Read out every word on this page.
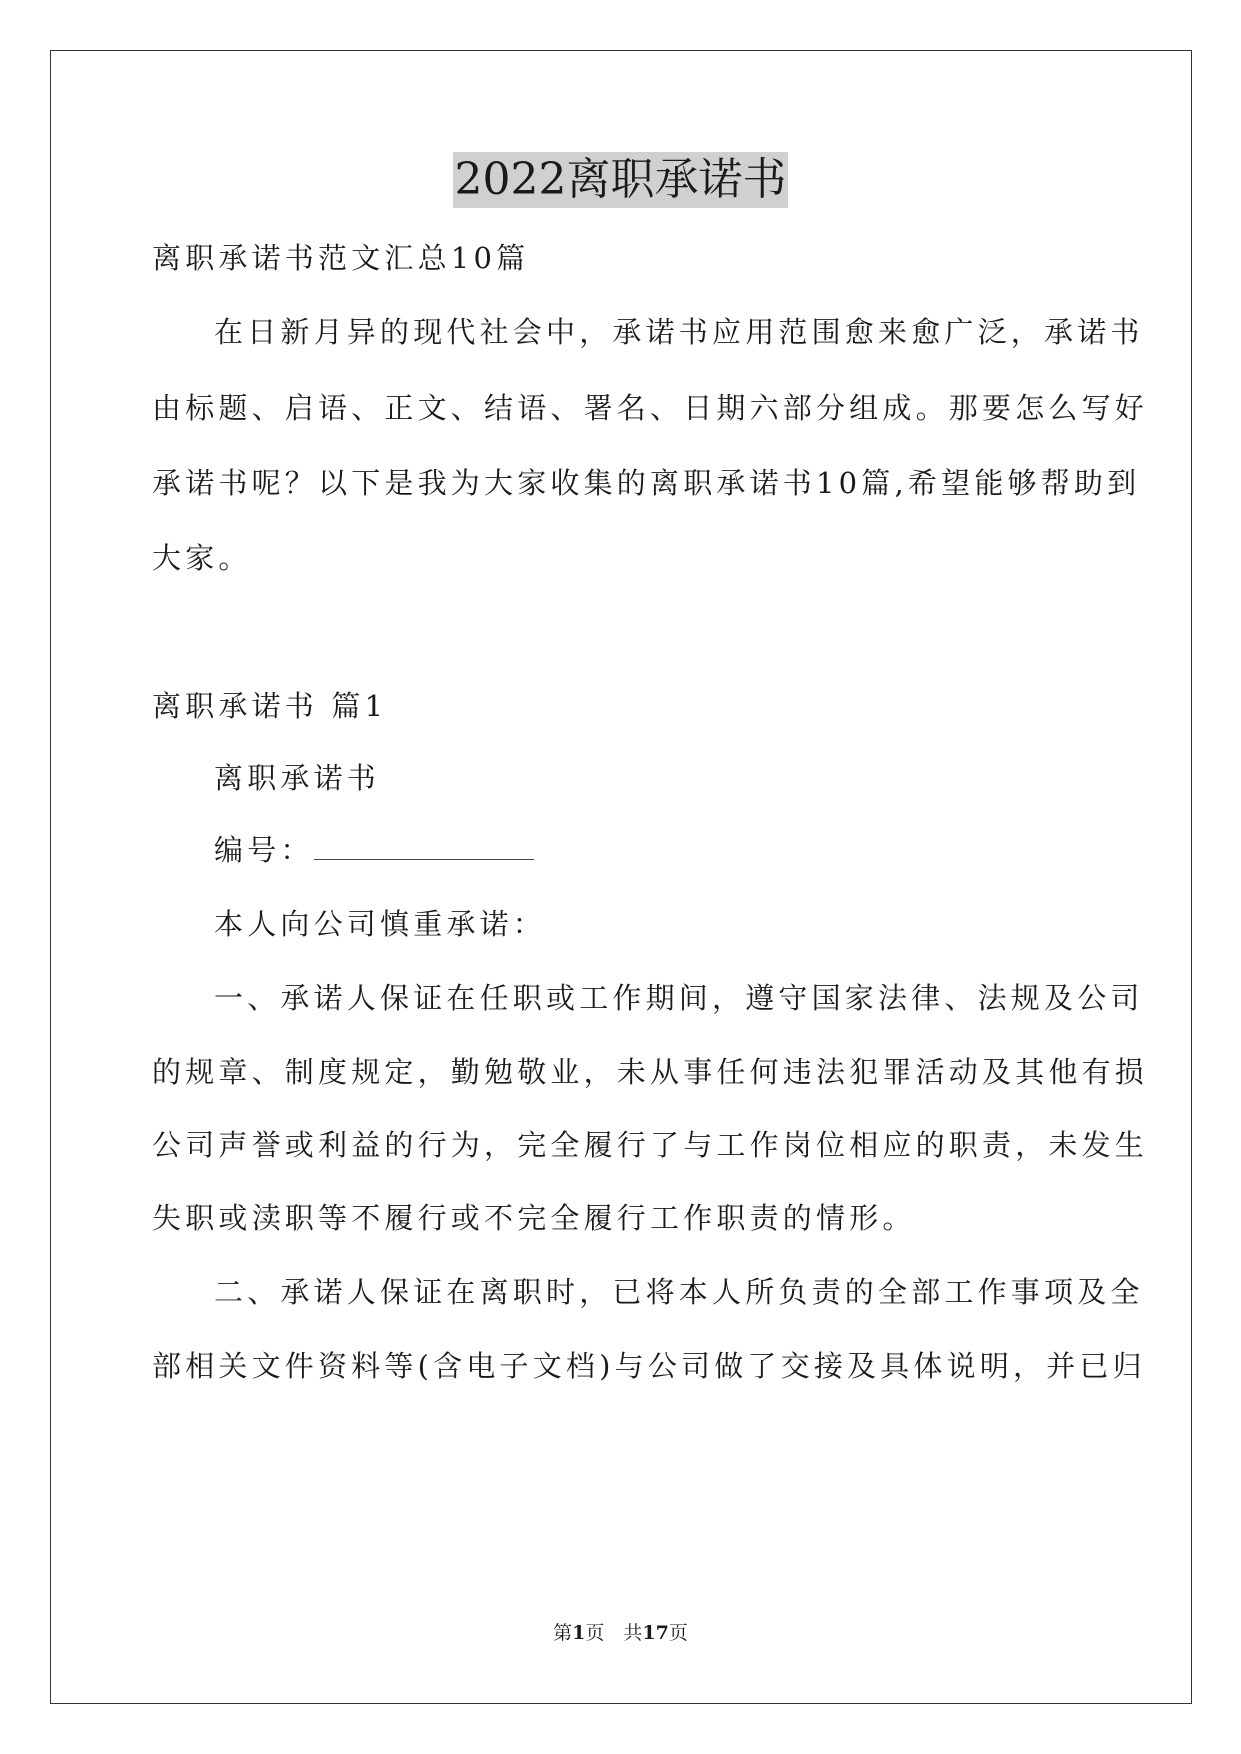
2022离职承诺书
离职承诺书范文汇总10篇
在日新月异的现代社会中，承诺书应用范围愈来愈广泛，承诺书
由标题、启语、正文、结语、署名、日期六部分组成。那要怎么写好
承诺书呢？以下是我为大家收集的离职承诺书10篇,希望能够帮助到
大家。
离职承诺书 篇1
离职承诺书
编号：
本人向公司慎重承诺：
一、承诺人保证在任职或工作期间，遵守国家法律、法规及公司
的规章、制度规定，勤勉敬业，未从事任何违法犯罪活动及其他有损
公司声誉或利益的行为，完全履行了与工作岗位相应的职责，未发生
失职或渎职等不履行或不完全履行工作职责的情形。
二、承诺人保证在离职时，已将本人所负责的全部工作事项及全
部相关文件资料等(含电子文档)与公司做了交接及具体说明，并已归
第1页　共17页
